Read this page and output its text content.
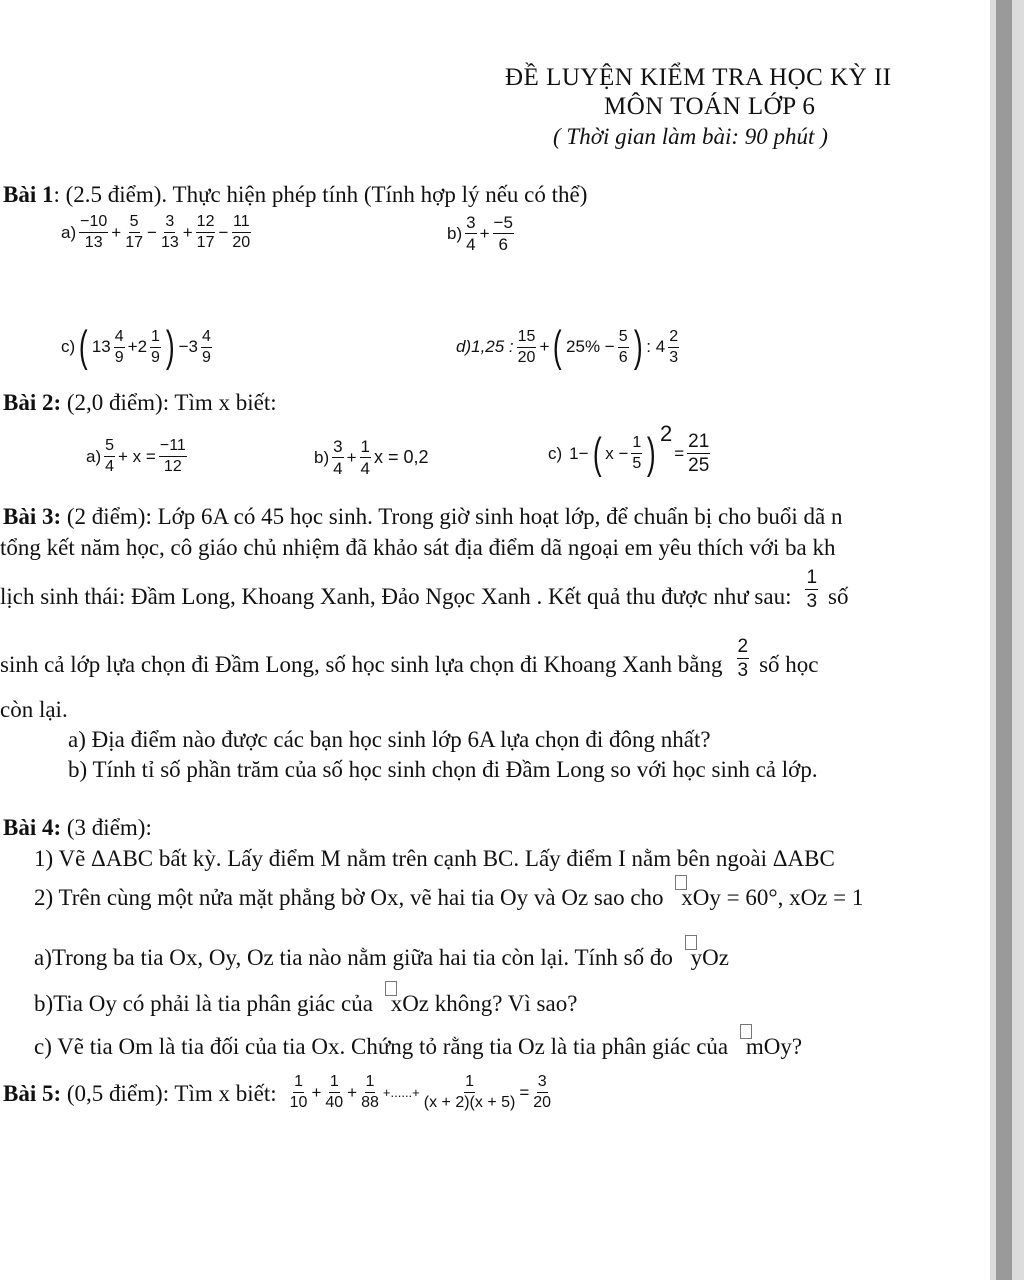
ĐỀ LUYỆN KIỂM TRA HỌC KỲ II
MÔN TOÁN LỚP 6
( Thời gian làm bài: 90 phút )
Bài 1: (2.5 điểm). Thực hiện phép tính (Tính hợp lý nếu có thể)
$a) \frac{-10}{13} + \frac{5}{17} - \frac{3}{13} + \frac{12}{17} - \frac{11}{20}$	$b) \frac{3}{4} + \frac{-5}{6}$
c) ( $13 \frac{4}{9} +2 \frac{1}{9}$ ) $-3 \frac{4}{9}$	d)1,25 : $\frac{15}{20}$ + ( $25\% - \frac{5}{6}$ ) : $4 \frac{2}{3}$
Bài 2: (2,0 điểm): Tìm x biết:
$a) \frac{5}{4} + x = \frac{-11}{12}$	$b) \frac{3}{4} + \frac{1}{4}$ x = 0,2	c) 1− ( $x - \frac{1}{5}$ ) 2
= $\frac{21}{25}$
Bài 3: (2 điểm): Lớp 6A có 45 học sinh. Trong giờ sinh hoạt lớp, để chuẩn bị cho buổi dã n
tổng kết năm học, cô giáo chủ nhiệm đã khảo sát địa điểm dã ngoại em yêu thích với ba kh
lịch sinh thái: Đầm Long, Khoang Xanh, Đảo Ngọc Xanh . Kết quả thu được như sau: $\frac{1}{3}$ số
sinh cả lớp lựa chọn đi Đầm Long, số học sinh lựa chọn đi Khoang Xanh bằng $\frac{2}{3}$ số học
còn lại.
a) Địa điểm nào được các bạn học sinh lớp 6A lựa chọn đi đông nhất?
b) Tính tỉ số phần trăm của số học sinh chọn đi Đầm Long so với học sinh cả lớp.
Bài 4: (3 điểm):
1) Vẽ ΔABC bất kỳ. Lấy điểm M nằm trên cạnh BC. Lấy điểm I nằm bên ngoài ΔABC
2) Trên cùng một nửa mặt phẳng bờ Ox, vẽ hai tia Oy và Oz sao cho xOy = 60°, xOz = 1
a)Trong ba tia Ox, Oy, Oz tia nào nằm giữa hai tia còn lại. Tính số đo yOz
b)Tia Oy có phải là tia phân giác của xOz không? Vì sao?
c) Vẽ tia Om là tia đối của tia Ox. Chứng tỏ rằng tia Oz là tia phân giác của mOy?
Bài 5: (0,5 điểm): Tìm x biết: $\frac{1}{10} + \frac{1}{40} + \frac{1}{88}$ +......+ $\frac{1}{(x + 2)(x + 5)} = \frac{3}{20}$
